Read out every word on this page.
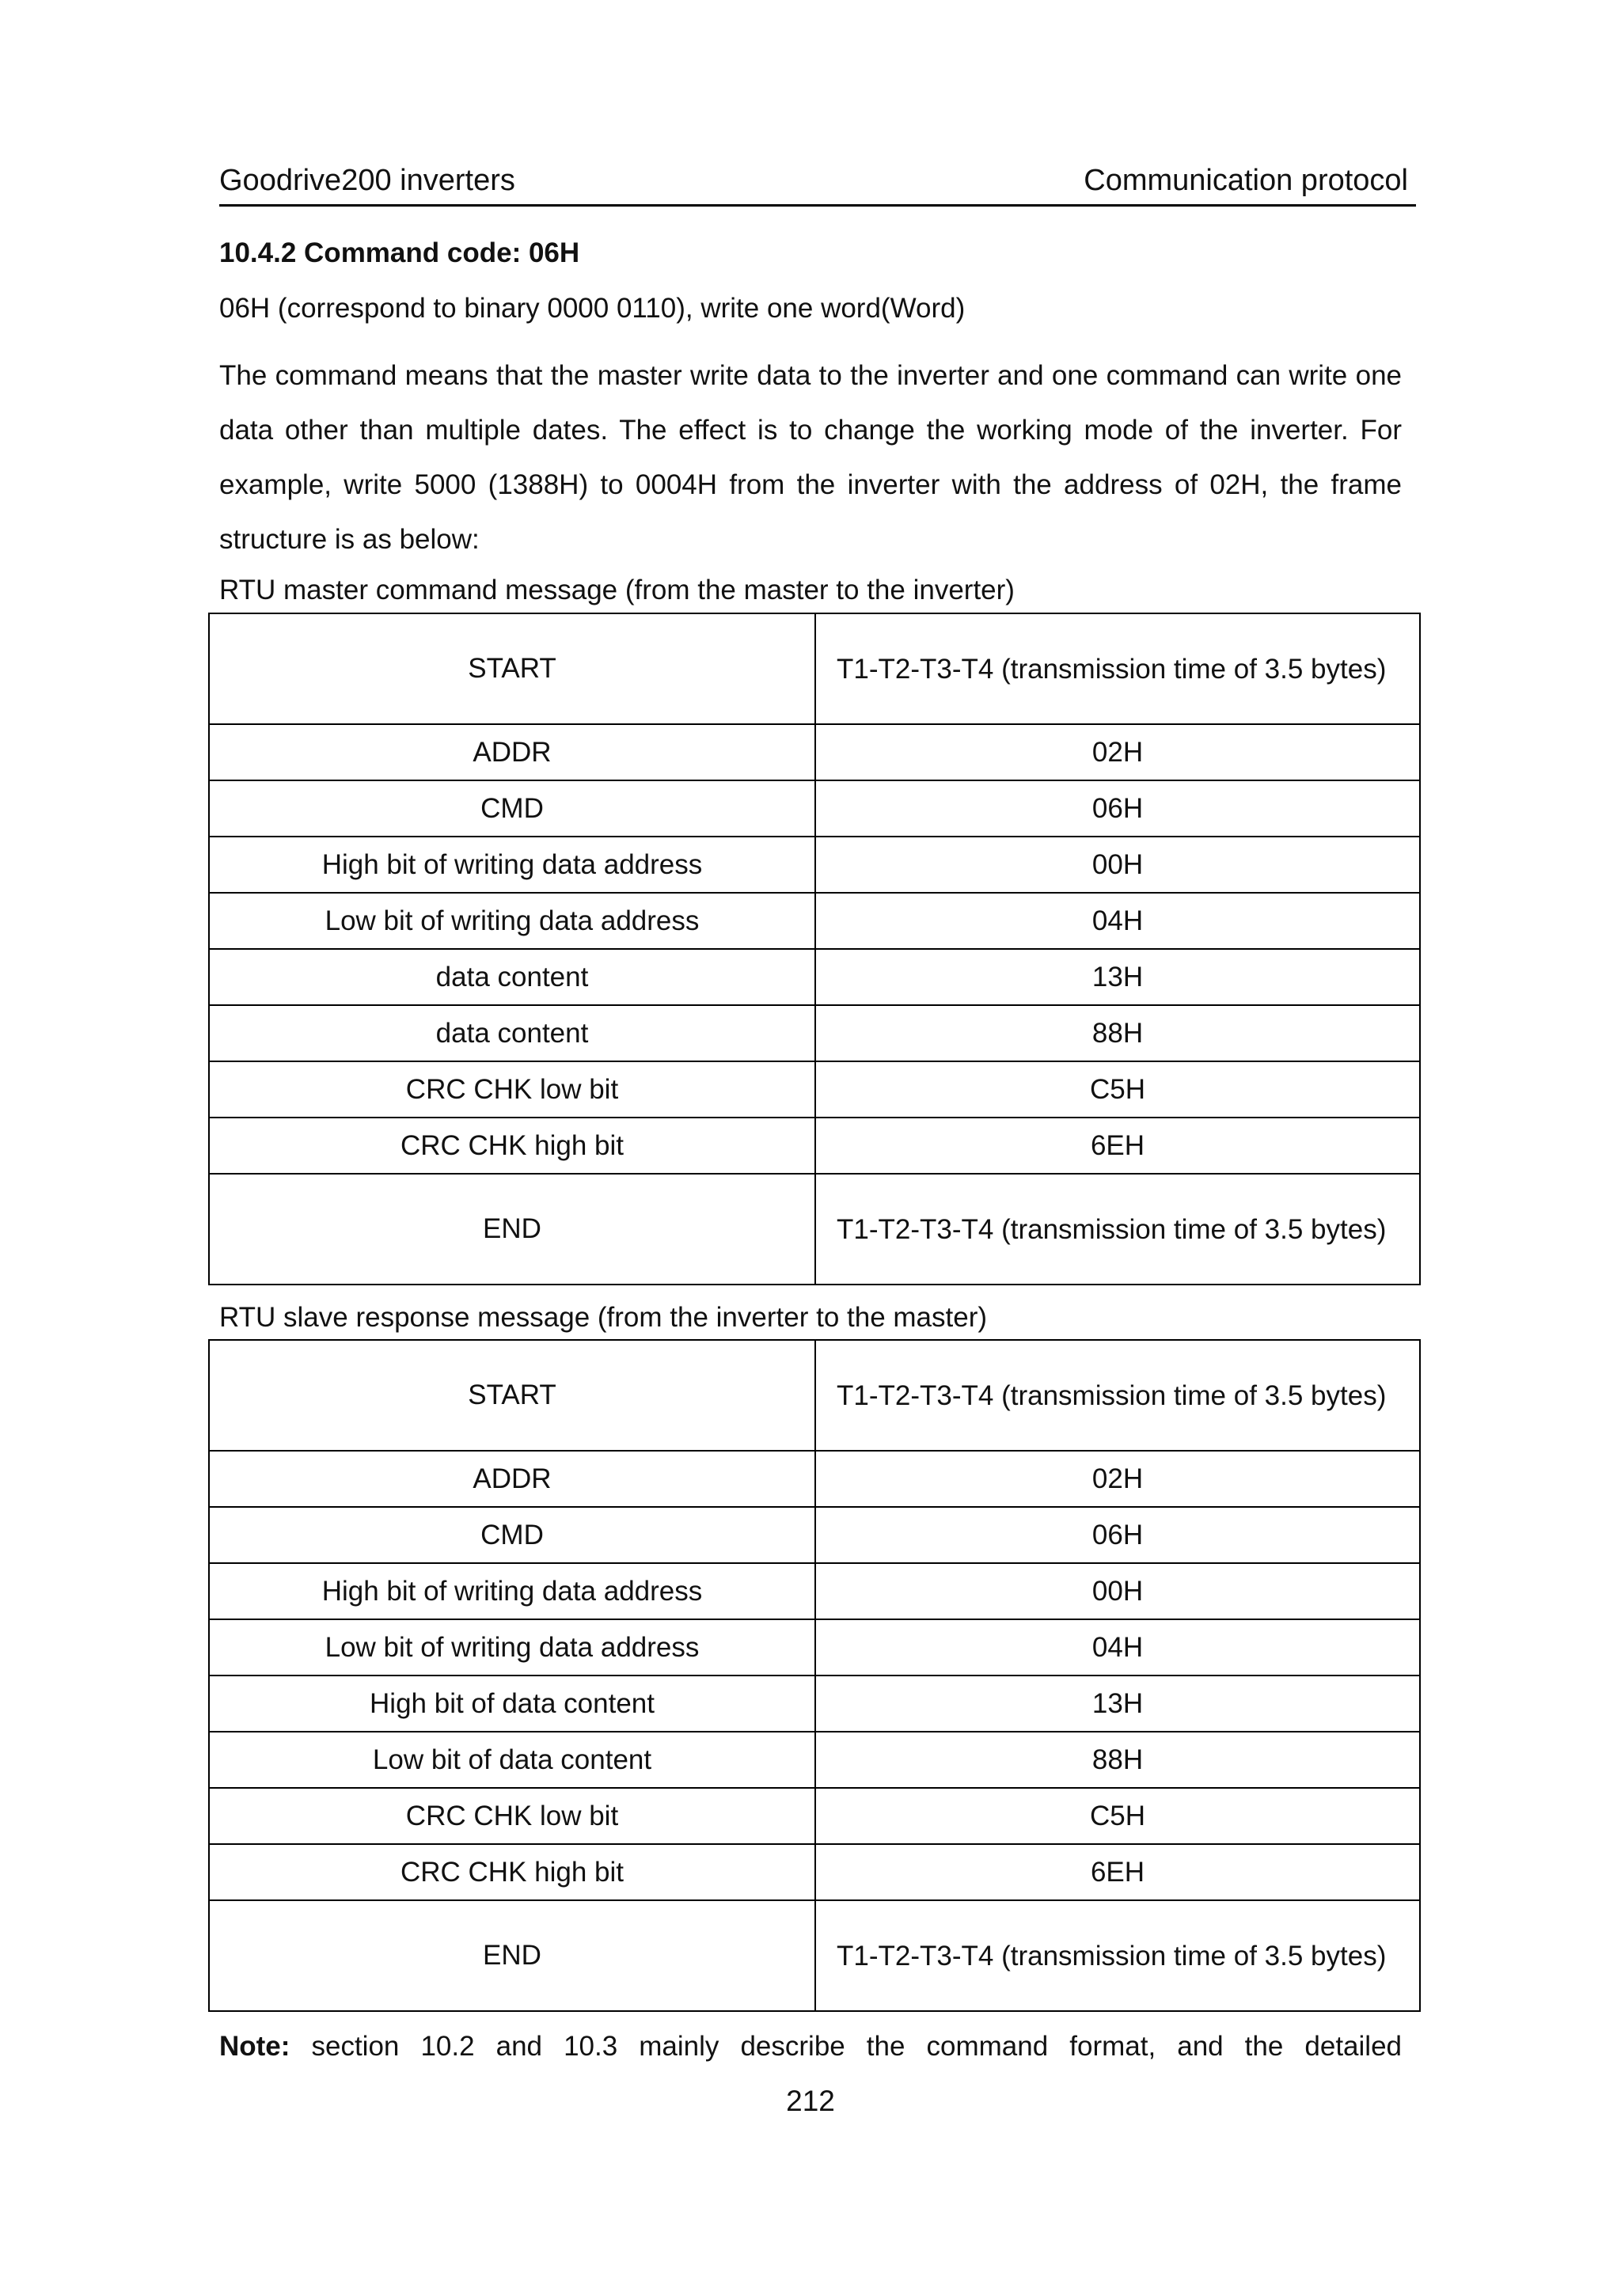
Goodrive200 inverters	Communication protocol
10.4.2 Command code: 06H
06H (correspond to binary 0000 0110), write one word(Word)
The command means that the master write data to the inverter and one command can write one data other than multiple dates. The effect is to change the working mode of the inverter. For example, write 5000 (1388H) to 0004H from the inverter with the address of 02H, the frame structure is as below:
RTU master command message (from the master to the inverter)
START	T1-T2-T3-T4 (transmission time of 3.5 bytes)
ADDR	02H
CMD	06H
High bit of writing data address	00H
Low bit of writing data address	04H
data content	13H
data content	88H
CRC CHK low bit	C5H
CRC CHK high bit	6EH
END	T1-T2-T3-T4 (transmission time of 3.5 bytes)
RTU slave response message (from the inverter to the master)
START	T1-T2-T3-T4 (transmission time of 3.5 bytes)
ADDR	02H
CMD	06H
High bit of writing data address	00H
Low bit of writing data address	04H
High bit of data content	13H
Low bit of data content	88H
CRC CHK low bit	C5H
CRC CHK high bit	6EH
END	T1-T2-T3-T4 (transmission time of 3.5 bytes)
Note: section 10.2 and 10.3 mainly describe the command format, and the detailed
212
